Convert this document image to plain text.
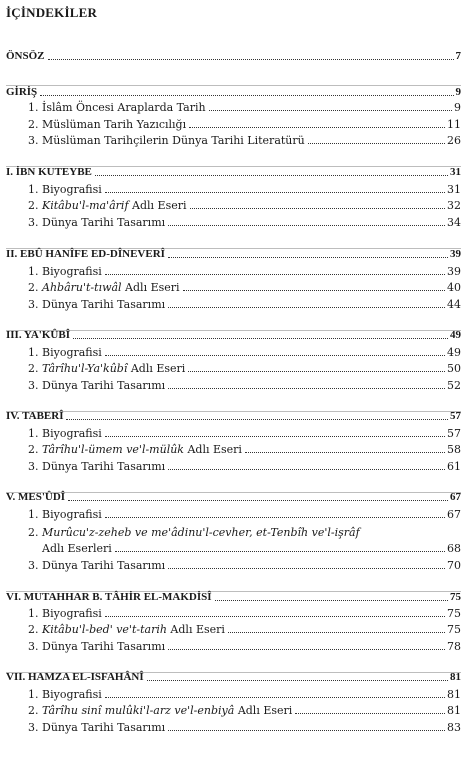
İÇİNDEKİLER
ÖNSÖZ	7
GİRİŞ	9
1. İslâm Öncesi Araplarda Tarih	9
2. Müslüman Tarih Yazıcılığı	11
3. Müslüman Tarihçilerin Dünya Tarihi Literatürü	26
I. İBN KUTEYBE	31
1. Biyografisi	31
2. Kitâbu'l-ma'ârif Adlı Eseri	32
3. Dünya Tarihi Tasarımı	34
II. EBÛ HANÎFE ED-DÎNEVERÎ	39
1. Biyografisi	39
2. Ahbâru't-tıwâl Adlı Eseri	40
3. Dünya Tarihi Tasarımı	44
III. YA'KÛBÎ	49
1. Biyografisi	49
2. Târîhu'l-Ya'kûbî Adlı Eseri	50
3. Dünya Tarihi Tasarımı	52
IV. TABERÎ	57
1. Biyografisi	57
2. Târîhu'l-ümem ve'l-mülûk Adlı Eseri	58
3. Dünya Tarihi Tasarımı	61
V. MES'ÛDÎ	67
1. Biyografisi	67
2. Murûcu'z-zeheb ve me'âdinu'l-cevher, et-Tenbîh ve'l-işrâf
Adlı Eserleri	68
3. Dünya Tarihi Tasarımı	70
VI. MUTAHHAR B. TÂHİR EL-MAKDİSÎ	75
1. Biyografisi	75
2. Kitâbu'l-bed' ve't-tarih Adlı Eseri	75
3. Dünya Tarihi Tasarımı	78
VII. HAMZA EL-ISFAHÂNÎ	81
1. Biyografisi	81
2. Târîhu sinî mulûki'l-arz ve'l-enbiyâ Adlı Eseri	81
3. Dünya Tarihi Tasarımı	83
